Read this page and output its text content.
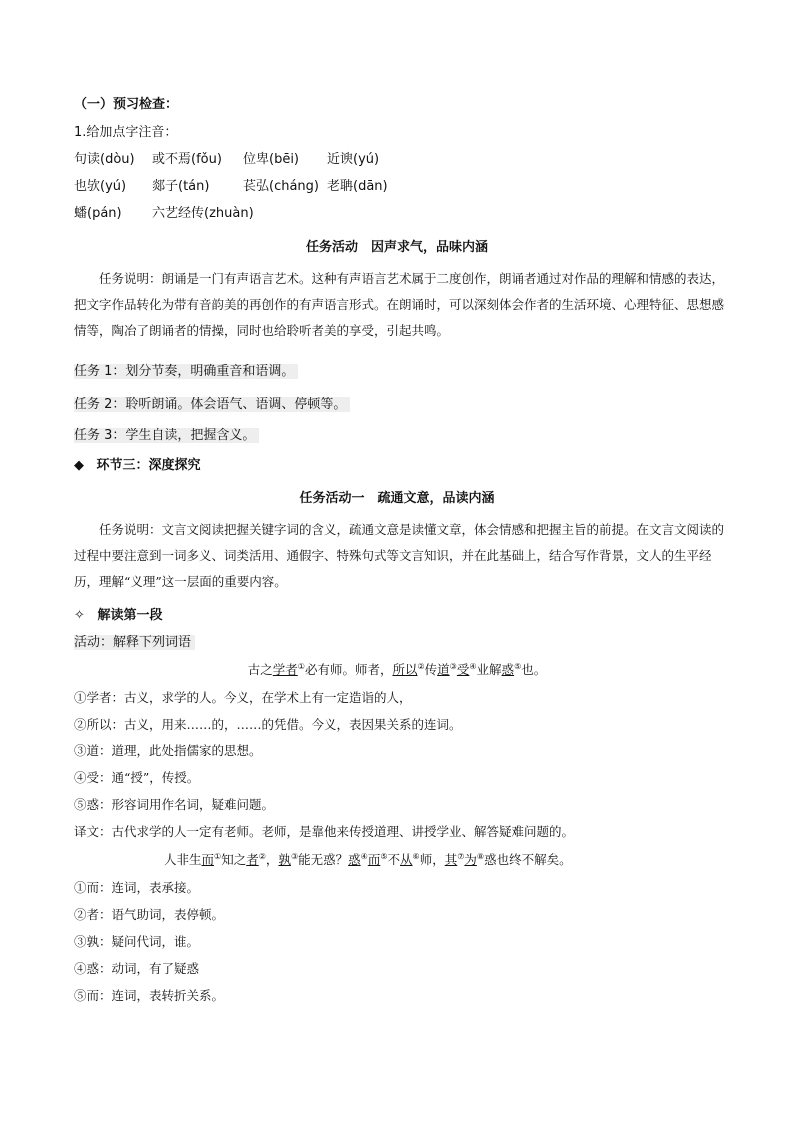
（一）预习检查：
1.给加点字注音：
句读(dòu) 或不焉(fǒu) 位卑(bēi) 近谀(yú)
也欤(yú) 郯子(tán)	苌弘(cháng) 老聃(dān)
蟠(pán) 六艺经传(zhuàn)
任务活动　因声求气，品味内涵
任务说明：朗诵是一门有声语言艺术。这种有声语言艺术属于二度创作，朗诵者通过对作品的理解和情感的表达，把文字作品转化为带有音韵美的再创作的有声语言形式。在朗诵时，可以深刻体会作者的生活环境、心理特征、思想感情等，陶冶了朗诵者的情操，同时也给聆听者美的享受，引起共鸣。
任务 1：划分节奏，明确重音和语调。
任务 2：聆听朗诵。体会语气、语调、停顿等。
任务 3：学生自读，把握含义。
◆ 环节三：深度探究
任务活动一　疏通文意，品读内涵
任务说明：文言文阅读把握关键字词的含义，疏通文意是读懂文章，体会情感和把握主旨的前提。在文言文阅读的过程中要注意到一词多义、词类活用、通假字、特殊句式等文言知识，并在此基础上，结合写作背景，文人的生平经历，理解“义理”这一层面的重要内容。
✧ 解读第一段
活动：解释下列词语
古之学者①必有师。师者，所以②传道③受④业解惑⑤也。
①学者：古义，求学的人。今义，在学术上有一定造诣的人，
②所以：古义，用来……的，……的凭借。今义，表因果关系的连词。
③道：道理，此处指儒家的思想。
④受：通“授”，传授。
⑤惑：形容词用作名词，疑难问题。
译文：古代求学的人一定有老师。老师，是靠他来传授道理、讲授学业、解答疑难问题的。
人非生而①知之者②，孰③能无惑？惑④而⑤不从⑥师，其⑦为⑧惑也终不解矣。
①而：连词，表承接。
②者：语气助词，表停顿。
③孰：疑问代词，谁。
④惑：动词，有了疑惑
⑤而：连词，表转折关系。
